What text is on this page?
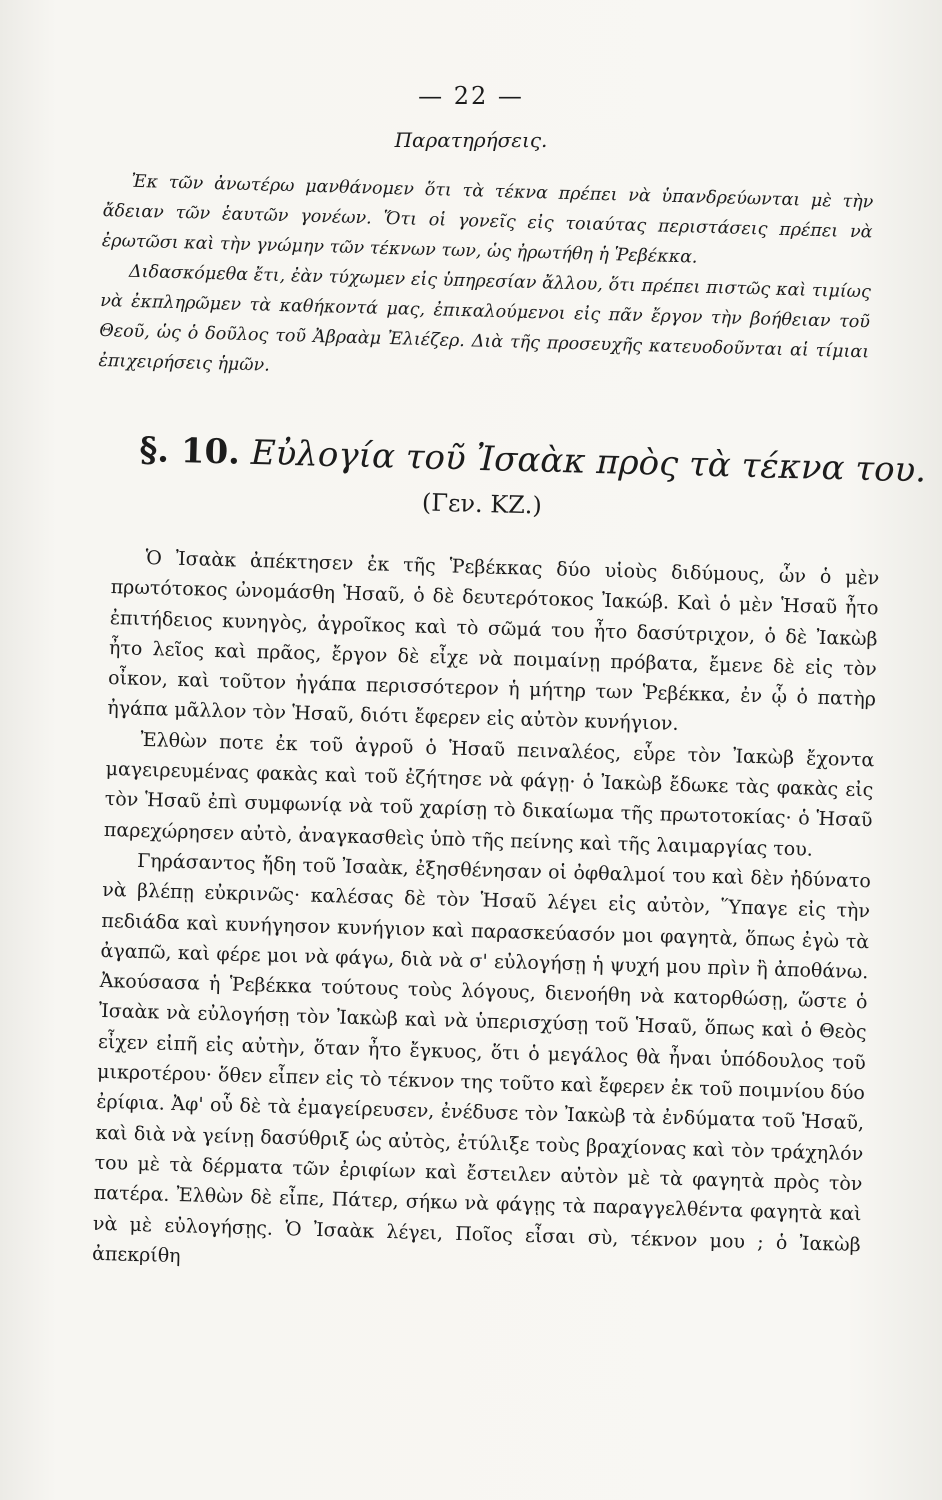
— 22 —
Παρατηρήσεις.

Ἐκ τῶν ἀνωτέρω μανθάνομεν ὅτι τὰ τέκνα πρέπει νὰ ὑπανδρεύωνται μὲ τὴν ἄδειαν τῶν ἑαυτῶν γονέων. Ὅτι οἱ γονεῖς εἰς τοιαύτας περιστάσεις πρέπει νὰ ἐρωτῶσι καὶ τὴν γνώμην τῶν τέκνων των, ὡς ἠρωτήθη ἡ Ῥεβέκκα.

Διδασκόμεθα ἔτι, ἐὰν τύχωμεν εἰς ὑπηρεσίαν ἄλλου, ὅτι πρέπει πιστῶς καὶ τιμίως νὰ ἐκπληρῶμεν τὰ καθήκοντά μας, ἐπικαλούμενοι εἰς πᾶν ἔργον τὴν βοήθειαν τοῦ Θεοῦ, ὡς ὁ δοῦλος τοῦ Ἀβραὰμ Ἐλιέζερ. Διὰ τῆς προσευχῆς κατευοδοῦνται αἱ τίμιαι ἐπιχειρήσεις ἡμῶν.

§. 10. Εὐλογία τοῦ Ἰσαὰκ πρὸς τὰ τέκνα του.
(Γεν. ΚΖ.)

Ὁ Ἰσαὰκ ἀπέκτησεν ἐκ τῆς Ῥεβέκκας δύο υἱοὺς διδύμους, ὧν ὁ μὲν πρωτότοκος ὠνομάσθη Ἡσαῦ, ὁ δὲ δευτερότοκος Ἰακώβ. Καὶ ὁ μὲν Ἡσαῦ ἦτο ἐπιτήδειος κυνηγὸς, ἀγροῖκος καὶ τὸ σῶμά του ἦτο δασύτριχον, ὁ δὲ Ἰακὼβ ἦτο λεῖος καὶ πρᾶος, ἔργον δὲ εἶχε νὰ ποιμαίνῃ πρόβατα, ἔμενε δὲ εἰς τὸν οἶκον, καὶ τοῦτον ἠγάπα περισσότερον ἡ μήτηρ των Ῥεβέκκα, ἐν ᾧ ὁ πατὴρ ἠγάπα μᾶλλον τὸν Ἡσαῦ, διότι ἔφερεν εἰς αὐτὸν κυνήγιον.

Ἐλθὼν ποτε ἐκ τοῦ ἀγροῦ ὁ Ἡσαῦ πειναλέος, εὗρε τὸν Ἰακὼβ ἔχοντα μαγειρευμένας φακὰς καὶ τοῦ ἐζήτησε νὰ φάγῃ· ὁ Ἰακὼβ ἔδωκε τὰς φακὰς εἰς τὸν Ἡσαῦ ἐπὶ συμφωνίᾳ νὰ τοῦ χαρίσῃ τὸ δικαίωμα τῆς πρωτοτοκίας· ὁ Ἡσαῦ παρεχώρησεν αὐτὸ, ἀναγκασθεὶς ὑπὸ τῆς πείνης καὶ τῆς λαιμαργίας του.

Γηράσαντος ἤδη τοῦ Ἰσαὰκ, ἐξησθένησαν οἱ ὀφθαλμοί του καὶ δὲν ἠδύνατο νὰ βλέπῃ εὐκρινῶς· καλέσας δὲ τὸν Ἡσαῦ λέγει εἰς αὐτὸν, Ὕπαγε εἰς τὴν πεδιάδα καὶ κυνήγησον κυνήγιον καὶ παρασκεύασόν μοι φαγητὰ, ὅπως ἐγὼ τὰ ἀγαπῶ, καὶ φέρε μοι νὰ φάγω, διὰ νὰ σ' εὐλογήσῃ ἡ ψυχή μου πρὶν ἢ ἀποθάνω. Ἀκούσασα ἡ Ῥεβέκκα τούτους τοὺς λόγους, διενοήθη νὰ κατορθώσῃ, ὥστε ὁ Ἰσαὰκ νὰ εὐλογήσῃ τὸν Ἰακὼβ καὶ νὰ ὑπερισχύσῃ τοῦ Ἡσαῦ, ὅπως καὶ ὁ Θεὸς εἶχεν εἰπῆ εἰς αὐτὴν, ὅταν ἦτο ἔγκυος, ὅτι ὁ μεγάλος θὰ ἦναι ὑπόδουλος τοῦ μικροτέρου· ὅθεν εἶπεν εἰς τὸ τέκνον της τοῦτο καὶ ἔφερεν ἐκ τοῦ ποιμνίου δύο ἐρίφια. Ἀφ' οὗ δὲ τὰ ἐμαγείρευσεν, ἐνέδυσε τὸν Ἰακὼβ τὰ ἐνδύματα τοῦ Ἡσαῦ, καὶ διὰ νὰ γείνῃ δασύθριξ ὡς αὐτὸς, ἐτύλιξε τοὺς βραχίονας καὶ τὸν τράχηλόν του μὲ τὰ δέρματα τῶν ἐριφίων καὶ ἔστειλεν αὐτὸν μὲ τὰ φαγητὰ πρὸς τὸν πατέρα. Ἐλθὼν δὲ εἶπε, Πάτερ, σήκω νὰ φάγῃς τὰ παραγγελθέντα φαγητὰ καὶ νὰ μὲ εὐλογήσῃς. Ὁ Ἰσαὰκ λέγει, Ποῖος εἶσαι σὺ, τέκνον μου ; ὁ Ἰακὼβ ἀπεκρίθη
